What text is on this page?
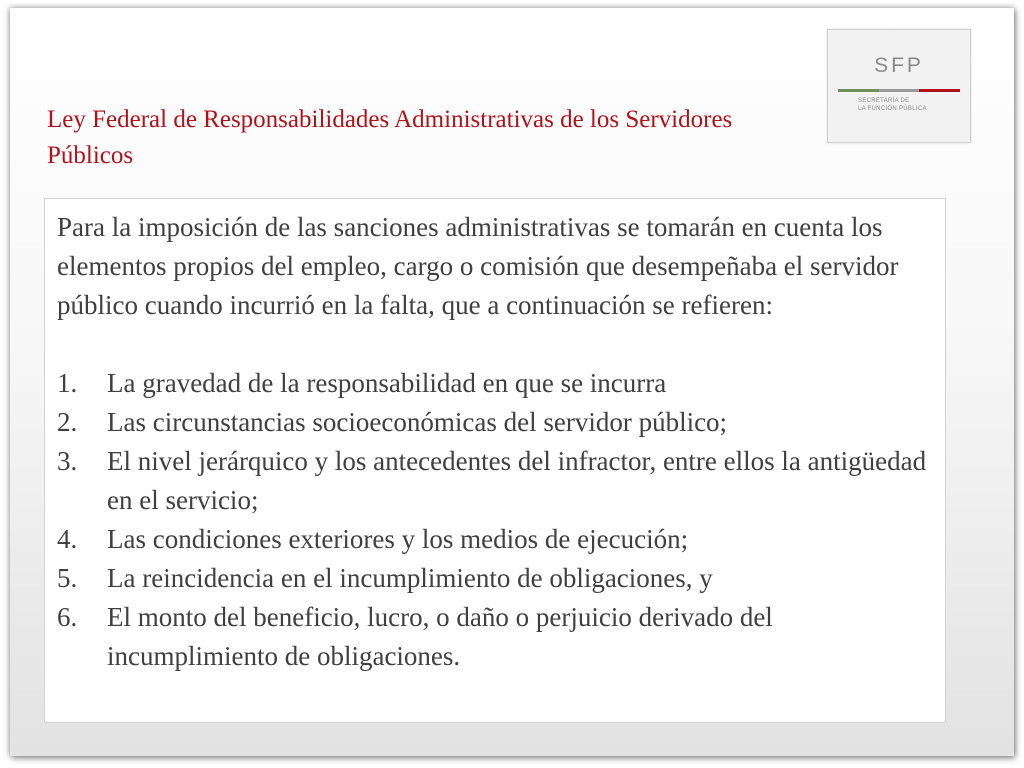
Ley Federal de Responsabilidades Administrativas de los Servidores Públicos
SFP
SECRETARÍA DE
LA FUNCIÓN PÚBLICA

Para la imposición de las sanciones administrativas se tomarán en cuenta los elementos propios del empleo, cargo o comisión que desempeñaba el servidor público cuando incurrió en la falta, que a continuación se refieren:

1.	La gravedad de la responsabilidad en que se incurra
2.	Las circunstancias socioeconómicas del servidor público;
3.	El nivel jerárquico y los antecedentes del infractor, entre ellos la antigüedad en el servicio;
4.	Las condiciones exteriores y los medios de ejecución;
5.	La reincidencia en el incumplimiento de obligaciones, y
6.	El monto del beneficio, lucro, o daño o perjuicio derivado del incumplimiento de obligaciones.
